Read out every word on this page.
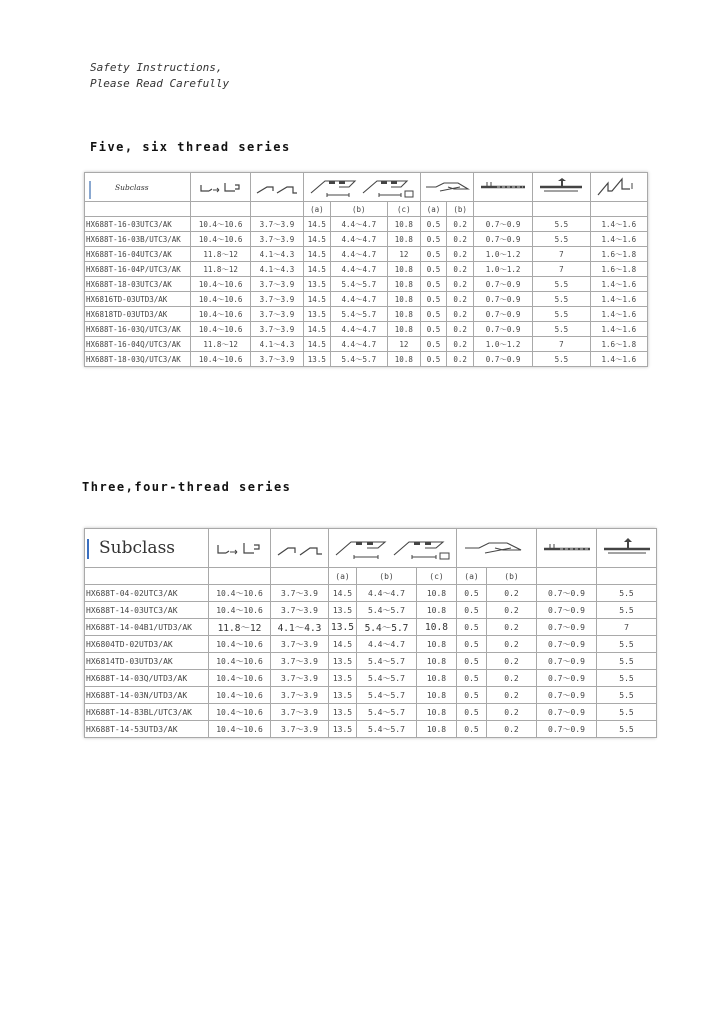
Safety Instructions,
Please Read Carefully
Five, six thread series
Subclass	

			(a)	(b)	(c)	(a)	(b)			
HX688T-16-03UTC3/AK	10.4～10.6	3.7～3.9	14.5	4.4～4.7	10.8	0.5	0.2	0.7～0.9	5.5	1.4～1.6
HX688T-16-03B/UTC3/AK	10.4～10.6	3.7～3.9	14.5	4.4～4.7	10.8	0.5	0.2	0.7～0.9	5.5	1.4～1.6
HX688T-16-04UTC3/AK	11.8～12	4.1～4.3	14.5	4.4～4.7	12	0.5	0.2	1.0～1.2	7	1.6～1.8
HX688T-16-04P/UTC3/AK	11.8～12	4.1～4.3	14.5	4.4～4.7	10.8	0.5	0.2	1.0～1.2	7	1.6～1.8
HX688T-18-03UTC3/AK	10.4～10.6	3.7～3.9	13.5	5.4～5.7	10.8	0.5	0.2	0.7～0.9	5.5	1.4～1.6
HX6816TD-03UTD3/AK	10.4～10.6	3.7～3.9	14.5	4.4～4.7	10.8	0.5	0.2	0.7～0.9	5.5	1.4～1.6
HX6818TD-03UTD3/AK	10.4～10.6	3.7～3.9	13.5	5.4～5.7	10.8	0.5	0.2	0.7～0.9	5.5	1.4～1.6
HX688T-16-03Q/UTC3/AK	10.4～10.6	3.7～3.9	14.5	4.4～4.7	10.8	0.5	0.2	0.7～0.9	5.5	1.4～1.6
HX688T-16-04Q/UTC3/AK	11.8～12	4.1～4.3	14.5	4.4～4.7	12	0.5	0.2	1.0～1.2	7	1.6～1.8
HX688T-18-03Q/UTC3/AK	10.4～10.6	3.7～3.9	13.5	5.4～5.7	10.8	0.5	0.2	0.7～0.9	5.5	1.4～1.6
Three,four-thread series
Subclass	

			(a)	(b)	(c)	(a)	(b)		
HX688T-04-02UTC3/AK	10.4～10.6	3.7～3.9	14.5	4.4～4.7	10.8	0.5	0.2	0.7～0.9	5.5
HX688T-14-03UTC3/AK	10.4～10.6	3.7～3.9	13.5	5.4～5.7	10.8	0.5	0.2	0.7～0.9	5.5
HX688T-14-04B1/UTD3/AK	11.8～12	4.1～4.3	13.5	5.4～5.7	10.8	0.5	0.2	0.7～0.9	7
HX6804TD-02UTD3/AK	10.4～10.6	3.7～3.9	14.5	4.4～4.7	10.8	0.5	0.2	0.7～0.9	5.5
HX6814TD-03UTD3/AK	10.4～10.6	3.7～3.9	13.5	5.4～5.7	10.8	0.5	0.2	0.7～0.9	5.5
HX688T-14-03Q/UTD3/AK	10.4～10.6	3.7～3.9	13.5	5.4～5.7	10.8	0.5	0.2	0.7～0.9	5.5
HX688T-14-03N/UTD3/AK	10.4～10.6	3.7～3.9	13.5	5.4～5.7	10.8	0.5	0.2	0.7～0.9	5.5
HX688T-14-83BL/UTC3/AK	10.4～10.6	3.7～3.9	13.5	5.4～5.7	10.8	0.5	0.2	0.7～0.9	5.5
HX688T-14-53UTD3/AK	10.4～10.6	3.7～3.9	13.5	5.4～5.7	10.8	0.5	0.2	0.7～0.9	5.5
